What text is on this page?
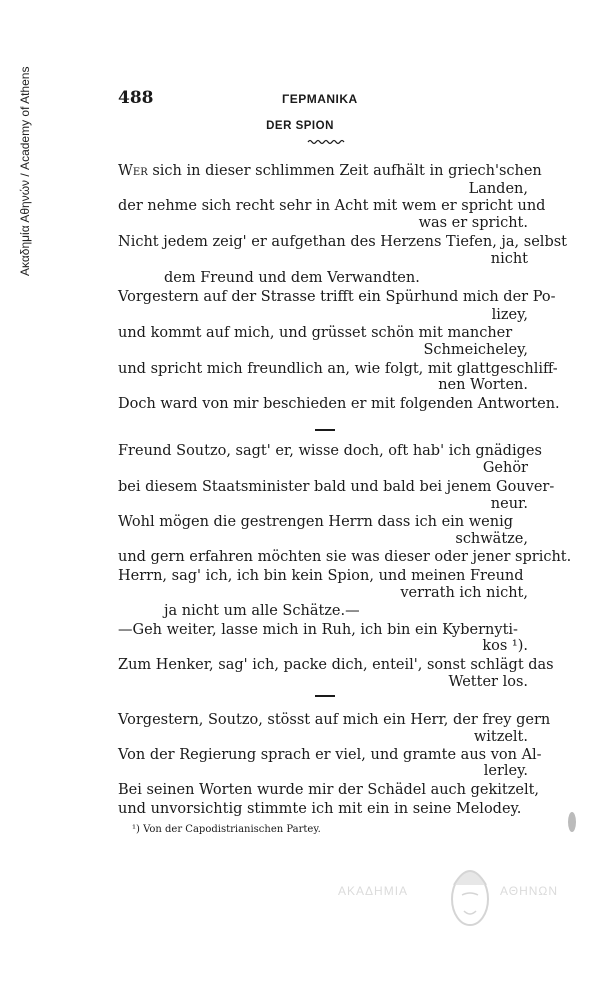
Ακαδημία Αθηνών / Academy of Athens	488	ΓΕΡΜΑΝΙΚΑ
DER SPION
Wer sich in dieser schlimmen Zeit aufhält in griech'schen
Landen,
der nehme sich recht sehr in Acht mit wem er spricht und
was er spricht.
Nicht jedem zeig' er aufgethan des Herzens Tiefen, ja, selbst
nicht
dem Freund und dem Verwandten.
Vorgestern auf der Strasse trifft ein Spürhund mich der Po-
lizey,
und kommt auf mich, und grüsset schön mit mancher
Schmeicheley,
und spricht mich freundlich an, wie folgt, mit glattgeschliff-
nen Worten.
Doch ward von mir beschieden er mit folgenden Antworten.
Freund Soutzo, sagt' er, wisse doch, oft hab' ich gnädiges
Gehör
bei diesem Staatsminister bald und bald bei jenem Gouver-
neur.
Wohl mögen die gestrengen Herrn dass ich ein wenig
schwätze,
und gern erfahren möchten sie was dieser oder jener spricht.
Herrn, sag' ich, ich bin kein Spion, und meinen Freund
verrath ich nicht,
ja nicht um alle Schätze.—
—Geh weiter, lasse mich in Ruh, ich bin ein Kybernyti-
kos ¹).
Zum Henker, sag' ich, packe dich, enteil', sonst schlägt das
Wetter los.
Vorgestern, Soutzo, stösst auf mich ein Herr, der frey gern
witzelt.
Von der Regierung sprach er viel, und gramte aus von Al-
lerley.
Bei seinen Worten wurde mir der Schädel auch gekitzelt,
und unvorsichtig stimmte ich mit ein in seine Melodey.
¹) Von der Capodistrianischen Partey.
ΑΚΑΔΗΜΙΑ	ΑΘΗΝΩΝ
